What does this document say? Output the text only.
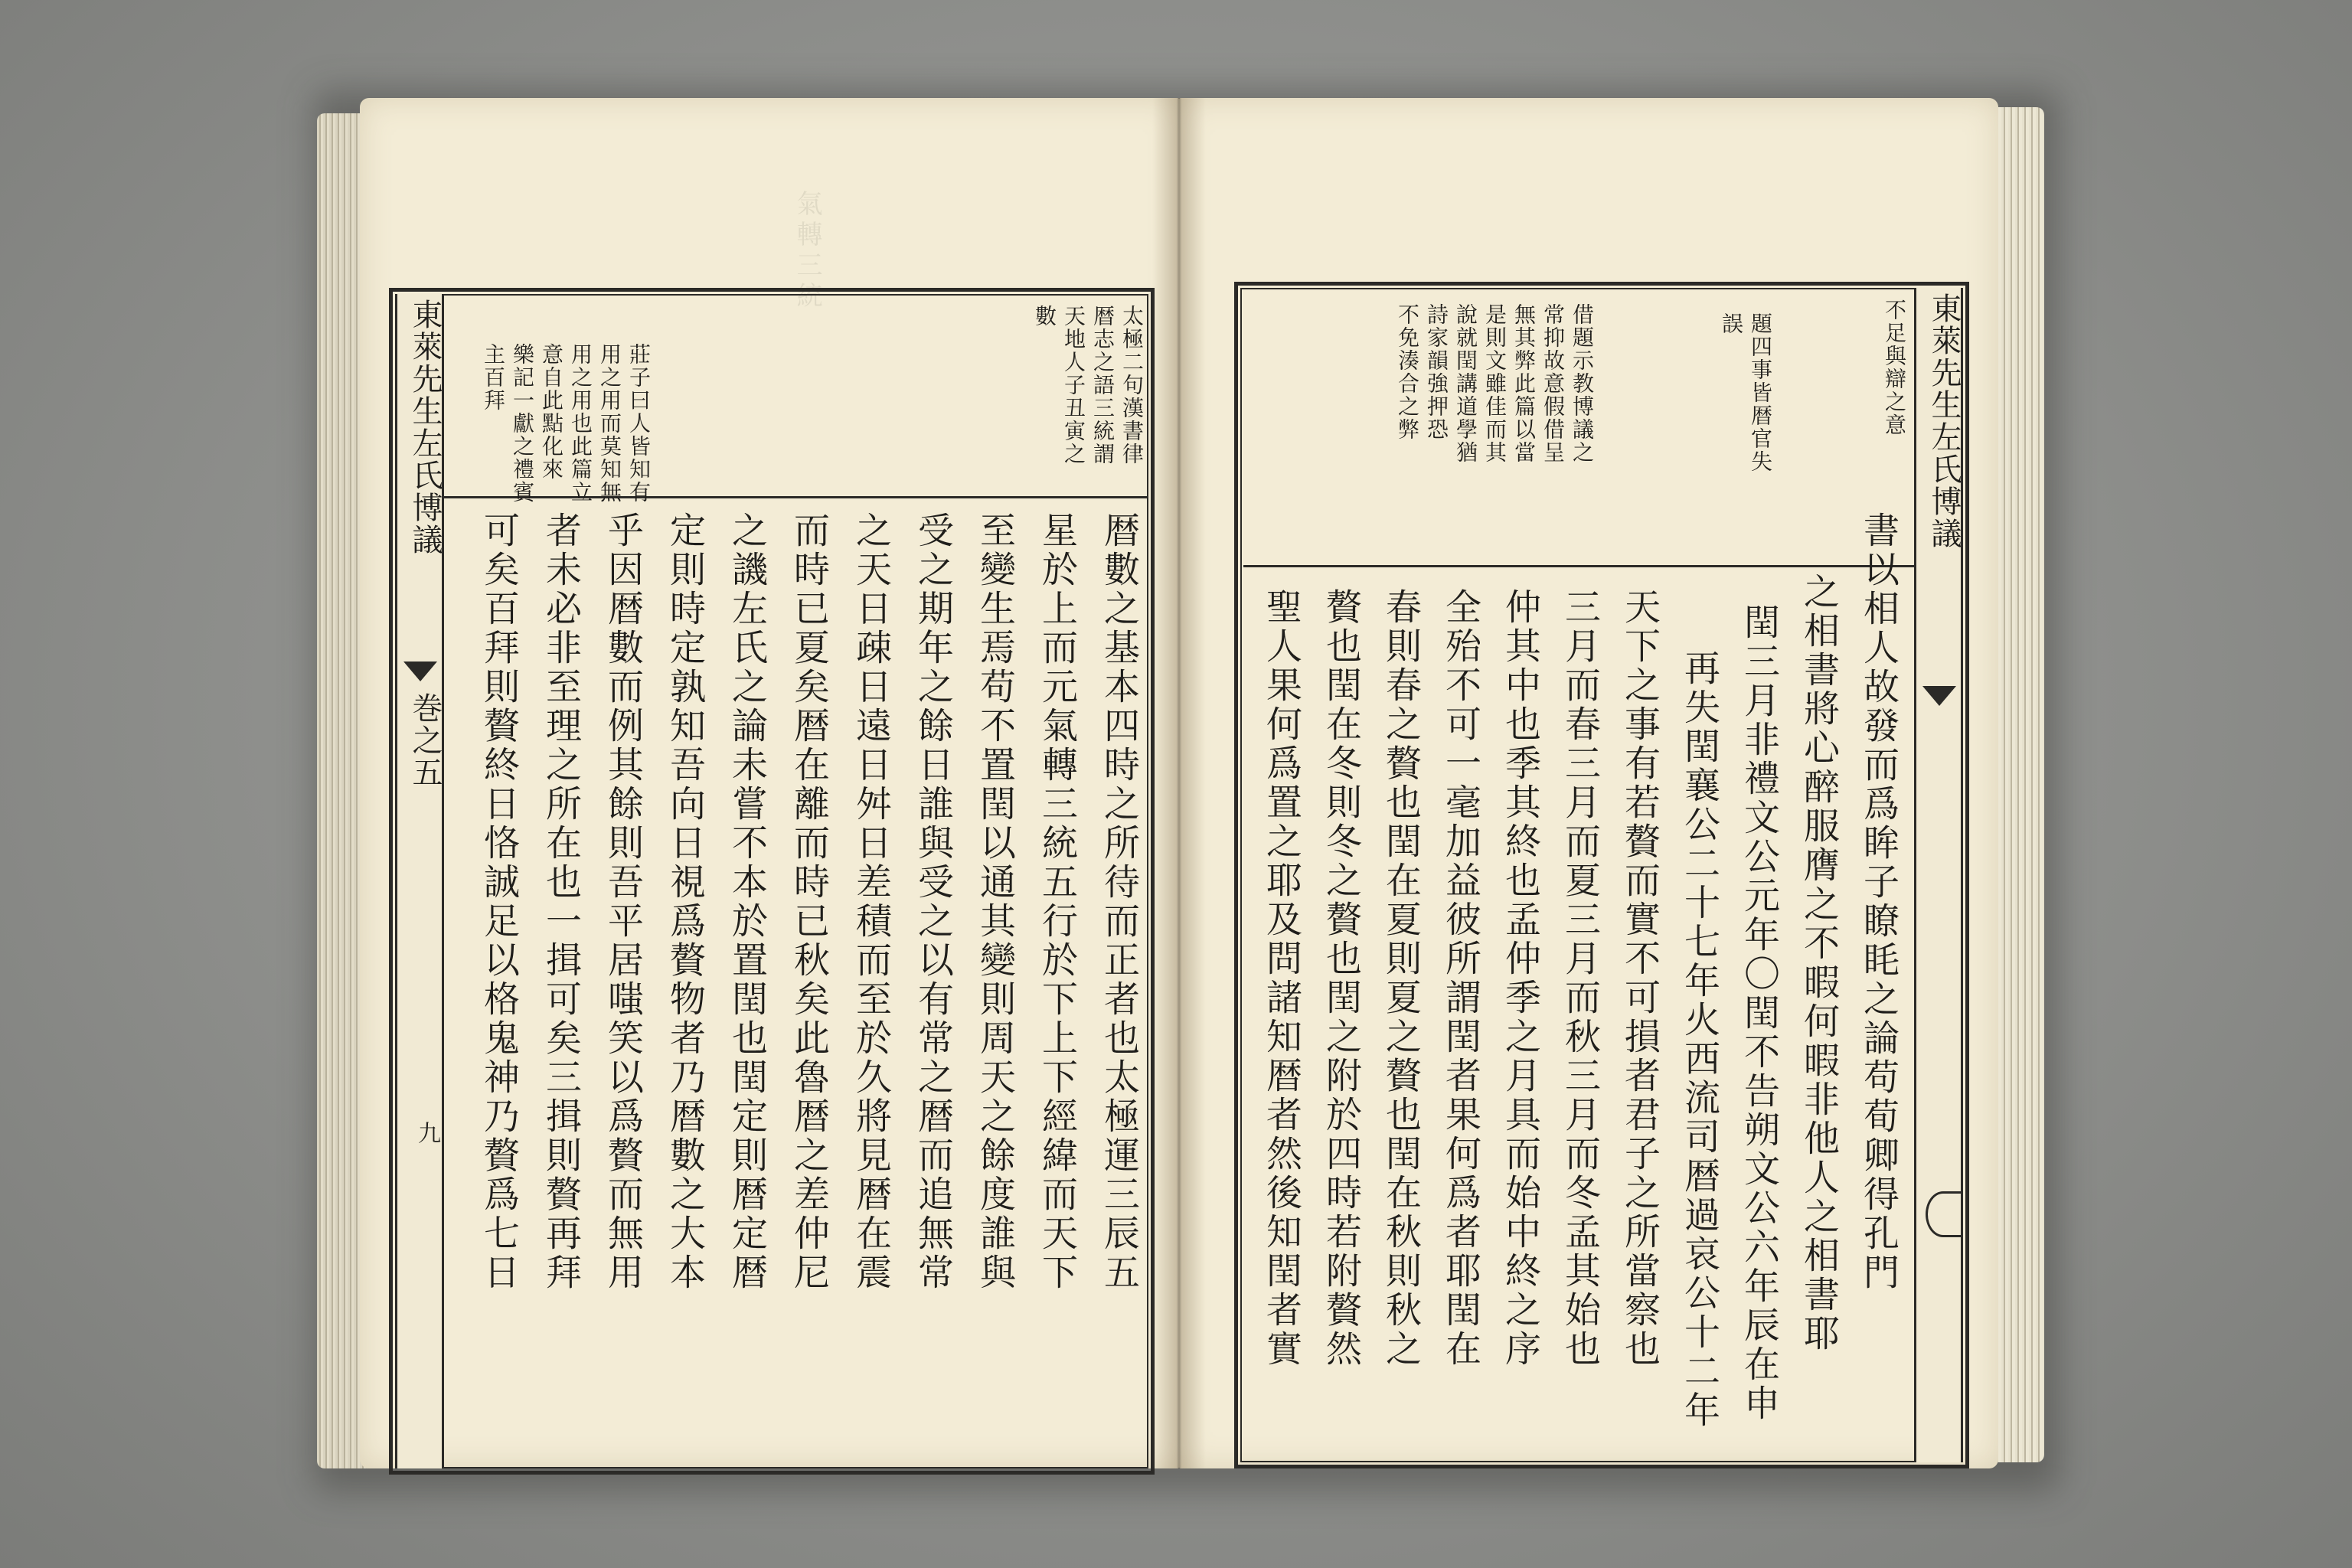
氣轉三統
東萊先生左氏博議
巻之五
九
太極二句漢書律
暦志之語三統謂
天地人子丑寅之
數
莊子曰人皆知有
用之用而莫知無
用之用也此篇立
意自此點化來
樂記一獻之禮賓
主百拜
暦數之基本四時之所待而正者也太極運三辰五
星於上而元氣轉三統五行於下上下經緯而天下
至變生焉苟不置閏以通其變則周天之餘度誰與
受之期年之餘日誰與受之以有常之暦而追無常
之天日疎日遠日舛日差積而至於久將見暦在震
而時已夏矣暦在離而時已秋矣此魯暦之差仲尼
之譏左氏之論未嘗不本於置閏也閏定則暦定暦
定則時定孰知吾向日視爲贅物者乃暦數之大本
乎因暦數而例其餘則吾平居嗤笑以爲贅而無用
者未必非至理之所在也一揖可矣三揖則贅再拜
可矣百拜則贅終日恪誠足以格鬼神乃贅爲七日
東萊先生左氏博議
不足與辯之意
題四事皆暦官失
誤
借題示教博議之
常抑故意假借呈
無其弊此篇以當
是則文雖佳而其
說就閏講道學猶
詩家韻強押恐
不免湊合之弊
書以相人故發而爲眸子瞭眊之論苟荀卿得孔門
之相書將心醉服膺之不暇何暇非他人之相書耶
閏三月非禮文公元年〇閏不告朔文公六年辰在申
再失閏襄公二十七年火西流司暦過哀公十二年
天下之事有若贅而實不可損者君子之所當察也
三月而春三月而夏三月而秋三月而冬孟其始也
仲其中也季其終也孟仲季之月具而始中終之序
全殆不可一毫加益彼所謂閏者果何爲者耶閏在
春則春之贅也閏在夏則夏之贅也閏在秋則秋之
贅也閏在冬則冬之贅也閏之附於四時若附贅然
聖人果何爲置之耶及問諸知暦者然後知閏者實
